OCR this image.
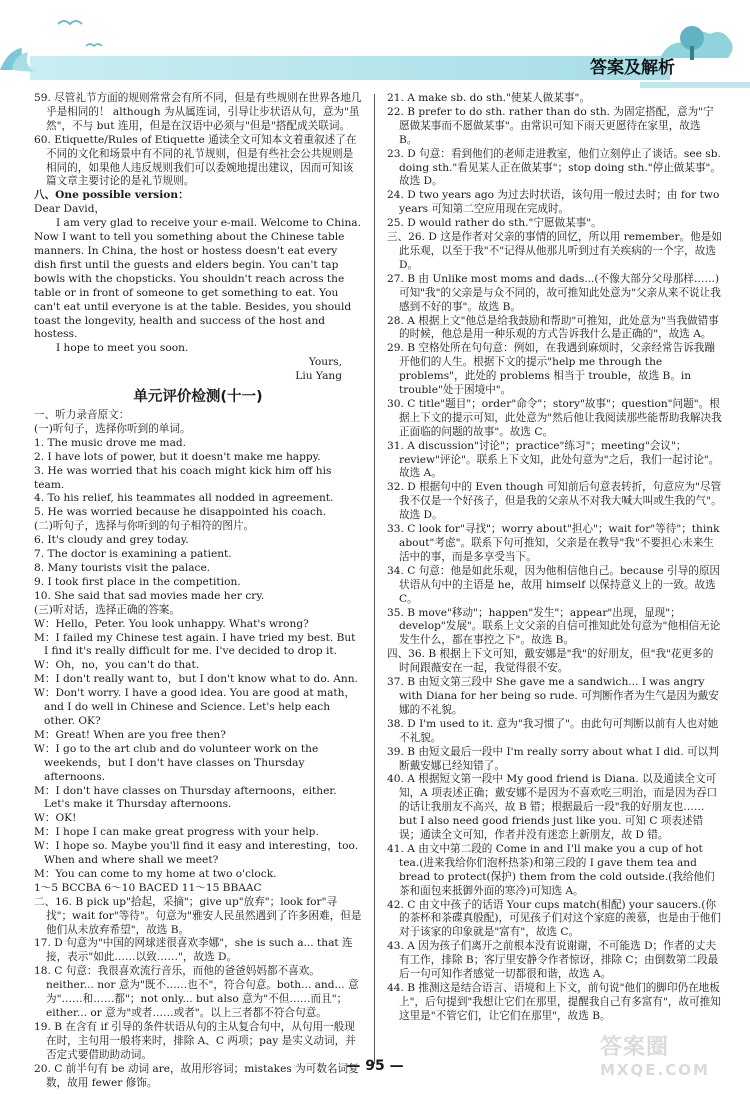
答案及解析

59. 尽管礼节方面的规则常常会有所不同，但是有些规则在世界各地几乎是相同的！ although 为从属连词，引导让步状语从句，意为"虽然"，不与 but 连用，但是在汉语中必须与"但是"搭配成关联词。

60. Etiquette/Rules of Etiquette 通读全文可知本文着重叙述了在不同的文化和场景中有不同的礼节规则，但是有些社会公共规则是相同的，如果他人违反规则我们可以委婉地提出建议，因而可知该篇文章主要讨论的是礼节规则。

八、One possible version：

Dear David，

I am very glad to receive your e-mail. Welcome to China. Now I want to tell you something about the Chinese table manners. In China, the host or hostess doesn't eat every dish first until the guests and elders begin. You can't tap bowls with the chopsticks. You shouldn't reach across the table or in front of someone to get something to eat. You can't eat until everyone is at the table. Besides, you should toast the longevity, health and success of the host and hostess.

I hope to meet you soon.

Yours,

Liu Yang

单元评价检测(十一)

一、听力录音原文：

(一)听句子，选择你听到的单词。

1. The music drove me mad.

2. I have lots of power, but it doesn't make me happy.

3. He was worried that his coach might kick him off his team.

4. To his relief, his teammates all nodded in agreement.

5. He was worried because he disappointed his coach.

(二)听句子，选择与你听到的句子相符的图片。

6. It's cloudy and grey today.

7. The doctor is examining a patient.

8. Many tourists visit the palace.

9. I took first place in the competition.

10. She said that sad movies made her cry.

(三)听对话，选择正确的答案。

W：Hello，Peter. You look unhappy. What's wrong?

M：I failed my Chinese test again. I have tried my best. But I find it's really difficult for me. I've decided to drop it.

W：Oh，no，you can't do that.

M：I don't really want to，but I don't know what to do. Ann.

W：Don't worry. I have a good idea. You are good at math，and I do well in Chinese and Science. Let's help each other. OK?

M：Great! When are you free then?

W：I go to the art club and do volunteer work on the weekends，but I don't have classes on Thursday afternoons.

M：I don't have classes on Thursday afternoons，either. Let's make it Thursday afternoons.

W：OK!

M：I hope I can make great progress with your help.

W：I hope so. Maybe you'll find it easy and interesting，too. When and where shall we meet?

M：You can come to my home at two o'clock.

1～5 BCCBA 6～10 BACED 11～15 BBAAC

二、16. B pick up"拾起，采摘"；give up"放弃"；look for"寻找"；wait for"等待"。句意为"雅安人民虽然遇到了许多困难，但是他们从未放弃希望"，故选 B。

17. D 句意为"中国的网球迷很喜欢李娜"，she is such a... that 连接，表示"如此……以致……"，故选 D。

18. C 句意：我很喜欢流行音乐，而他的爸爸妈妈都不喜欢。neither... nor 意为"既不……也不"，符合句意。both... and... 意为"……和……都"；not only... but also 意为"不但……而且"；either... or 意为"或者……或者"。以上三者都不符合句意。

19. B 在含有 if 引导的条件状语从句的主从复合句中，从句用一般现在时，主句用一般将来时，排除 A、C 两项；pay 是实义动词，并否定式要借助助动词。

20. C 前半句有 be 动词 are，故用形容词；mistakes 为可数名词复数，故用 fewer 修饰。

21. A make sb. do sth."使某人做某事"。

22. B prefer to do sth. rather than do sth. 为固定搭配，意为"宁愿做某事而不愿做某事"。由常识可知下雨天更愿待在家里，故选 B。

23. D 句意：看到他们的老师走进教室，他们立刻停止了谈话。see sb. doing sth."看见某人正在做某事"；stop doing sth."停止做某事"。故选 D。

24. D two years ago 为过去时状语，该句用一般过去时；由 for two years 可知第二空应用现在完成时。

25. D would rather do sth."宁愿做某事"。

三、26. D 这是作者对父亲的事情的回忆，所以用 remember。他是如此乐观，以至于我"不"记得从他那儿听到过有关疾病的一个字，故选 D。

27. B 由 Unlike most moms and dads...(不像大部分父母那样……)可知"我"的父亲是与众不同的，故可推知此处意为"父亲从来不说让我感到不好的事"。故选 B。

28. A 根据上文"他总是给我鼓励和帮助"可推知，此处意为"当我做错事的时候，他总是用一种乐观的方式告诉我什么是正确的"，故选 A。

29. B 空格处所在句句意：例如，在我遇到麻烦时，父亲经常告诉我蹦开他们的人生。根据下文的提示"help me through the problems"，此处的 problems 相当于 trouble，故选 B。in trouble"处于困境中"。

30. C title"题目"；order"命令"；story"故事"；question"问题"。根据上下文的提示可知，此处意为"然后他让我阅读那些能帮助我解决我正面临的问题的故事"。故选 C。

31. A discussion"讨论"；practice"练习"；meeting"会议"；review"评论"。联系上下文知，此处句意为"之后，我们一起讨论"。故选 A。

32. D 根据句中的 Even though 可知前后句意表转折，句意应为"尽管我不仅是一个好孩子，但是我的父亲从不对我大喊大叫或生我的气"。故选 D。

33. C look for"寻找"；worry about"担心"；wait for"等待"；think about"考虑"。联系下句可推知，父亲是在教导"我"不要担心未来生活中的事，而是多享受当下。

34. C 句意：他是如此乐观，因为他相信他自己。because 引导的原因状语从句中的主语是 he，故用 himself 以保持意义上的一致。故选 C。

35. B move"移动"；happen"发生"；appear"出现，显现"；develop"发展"。联系上文父亲的自信可推知此处句意为"他相信无论发生什么，都在事控之下"。故选 B。

四、36. B 根据上下文可知，戴安娜是"我"的好朋友，但"我"花更多的时间跟薇安在一起，我觉得很不安。

37. B 由短文第三段中 She gave me a sandwich... I was angry with Diana for her being so rude. 可判断作者为生气是因为戴安娜的不礼貌。

38. D I'm used to it. 意为"我习惯了"。由此句可判断以前有人也对她不礼貌。

39. B 由短文最后一段中 I'm really sorry about what I did. 可以判断戴安娜已经知错了。

40. A 根据短文第一段中 My good friend is Diana. 以及通读全文可知，A 项表述正确；戴安娜不是因为不喜欢吃三明治，而是因为吞口的话让我朋友不高兴，故 B 错；根据最后一段"我的好朋友也……but I also need good friends just like you. 可知 C 项表述错误；通读全文可知，作者并没有迷恋上新朋友，故 D 错。

41. A 由文中第二段的 Come in and I'll make you a cup of hot tea.(进来我给你们泡杯热茶)和第三段的 I gave them tea and bread to protect(保护) them from the cold outside.(我给他们茶和面包来抵御外面的寒冷)可知选 A。

42. C 由文中孩子的话语 Your cups match(相配) your saucers.(你的茶杯和茶碟真般配)，可见孩子们对这个家庭的羡慕，也是由于他们对于该家的印象就是"富有"，故选 C。

43. A 因为孩子们离开之前根本没有说谢谢，不可能选 D；作者的丈夫有工作，排除 B；客厅里安静令作者惊讶，排除 C；由倒数第二段最后一句可知作者感觉一切都很和谐，故选 A。

44. B 推测这是结合语言、语境和上下文，前句说"他们的脚印仍在地板上"，后句提到"我想让它们在那里，提醒我自己有多富有"，故可推知这里是"不管它们，让它们在那里"，故选 B。

— 95 —
答案圈
MXQE.COM
